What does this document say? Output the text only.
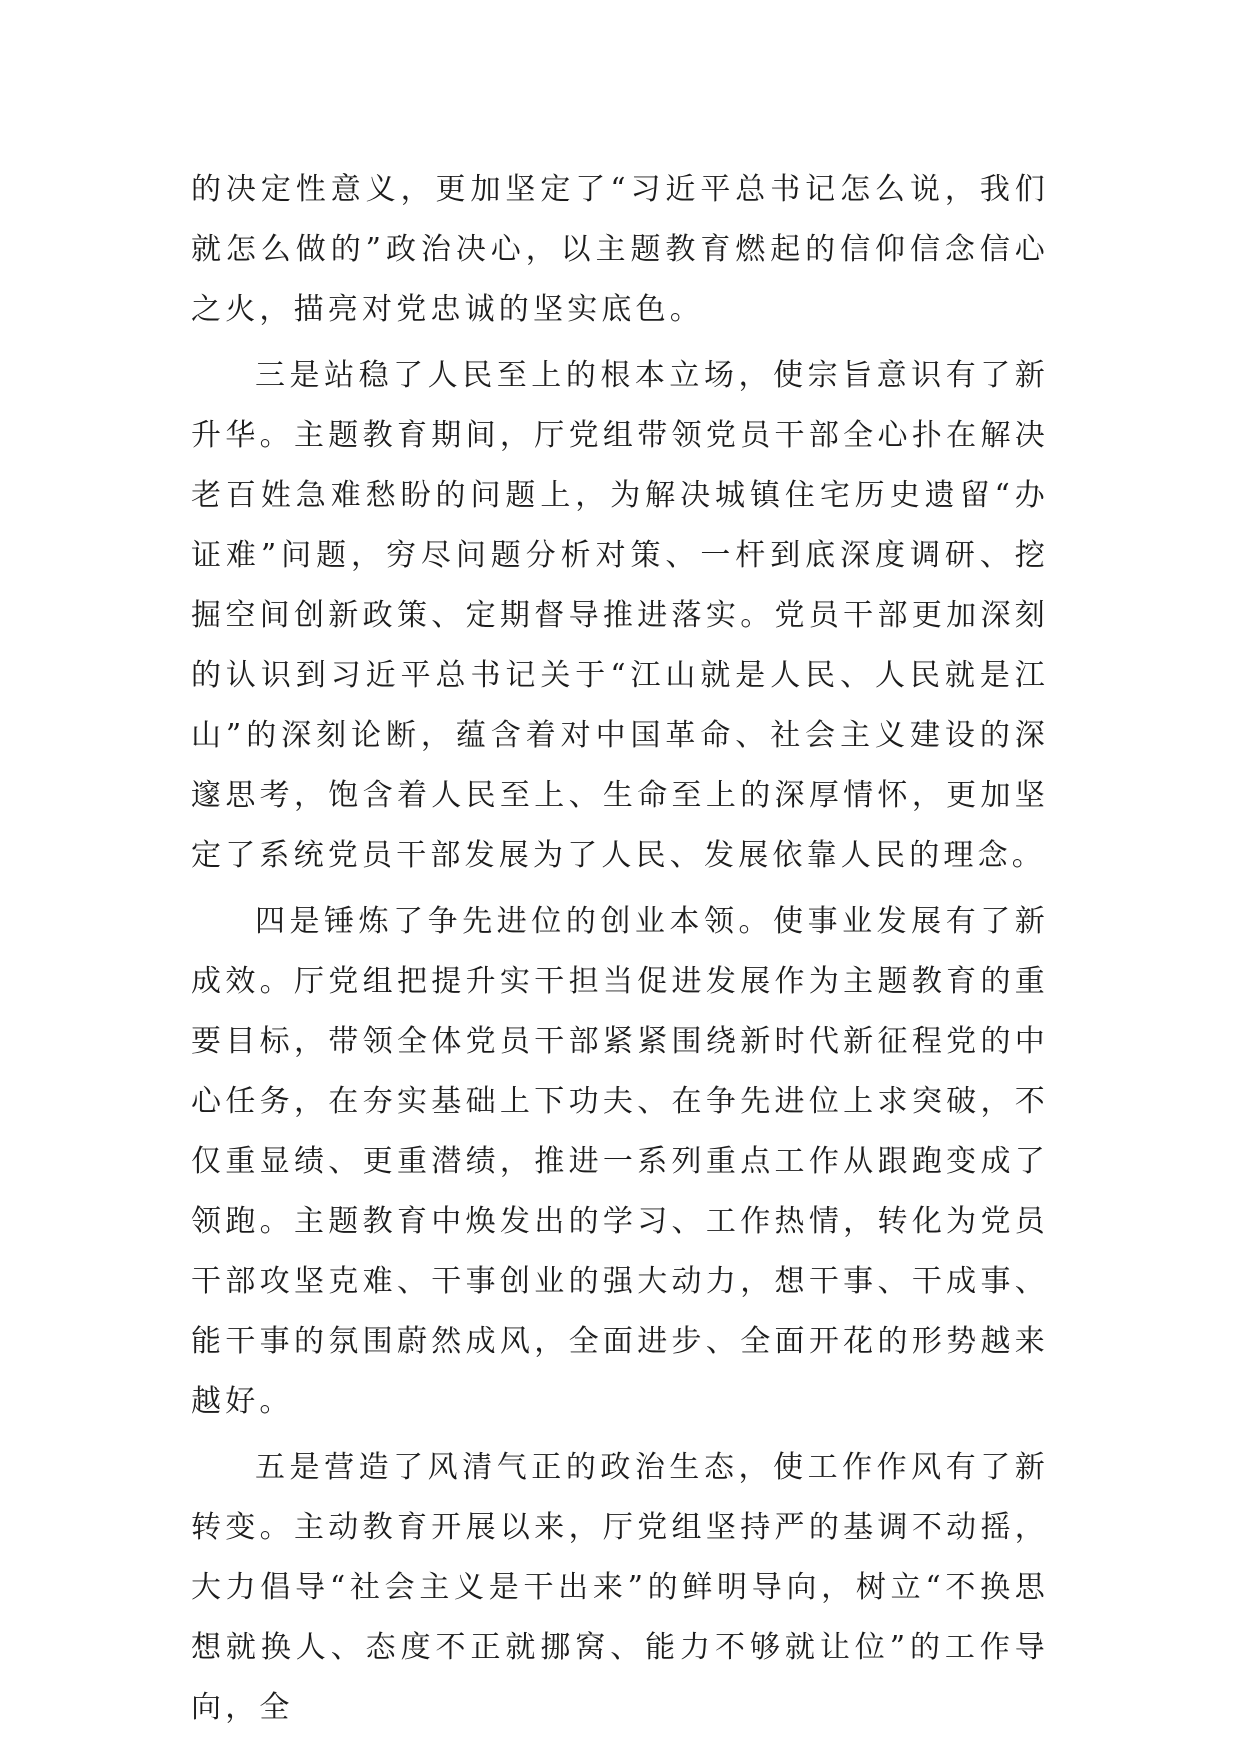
的决定性意义，更加坚定了“习近平总书记怎么说，我们就怎么做的”政治决心，以主题教育燃起的信仰信念信心之火，描亮对党忠诚的坚实底色。

三是站稳了人民至上的根本立场，使宗旨意识有了新升华。主题教育期间，厅党组带领党员干部全心扑在解决老百姓急难愁盼的问题上，为解决城镇住宅历史遗留“办证难”问题，穷尽问题分析对策、一杆到底深度调研、挖掘空间创新政策、定期督导推进落实。党员干部更加深刻的认识到习近平总书记关于“江山就是人民、人民就是江山”的深刻论断，蕴含着对中国革命、社会主义建设的深邃思考，饱含着人民至上、生命至上的深厚情怀，更加坚定了系统党员干部发展为了人民、发展依靠人民的理念。

四是锤炼了争先进位的创业本领。使事业发展有了新成效。厅党组把提升实干担当促进发展作为主题教育的重要目标，带领全体党员干部紧紧围绕新时代新征程党的中心任务，在夯实基础上下功夫、在争先进位上求突破，不仅重显绩、更重潜绩，推进一系列重点工作从跟跑变成了领跑。主题教育中焕发出的学习、工作热情，转化为党员干部攻坚克难、干事创业的强大动力，想干事、干成事、能干事的氛围蔚然成风，全面进步、全面开花的形势越来越好。

五是营造了风清气正的政治生态，使工作作风有了新转变。主动教育开展以来，厅党组坚持严的基调不动摇，大力倡导“社会主义是干出来”的鲜明导向，树立“不换思想就换人、态度不正就挪窝、能力不够就让位”的工作导向，全
